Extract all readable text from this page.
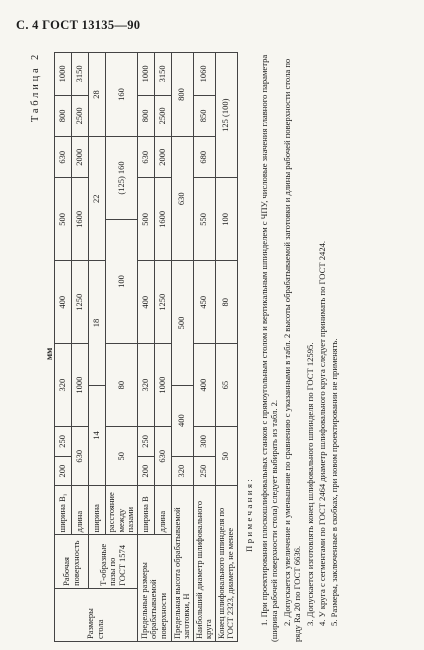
С. 4 ГОСТ 13135—90
Таблица 2
мм
Размеры стола	Рабочая поверхность	ширина B₁	200	250	320		400	500		630	800	1000
		длина	630		1000		1250	1600		2000	2500	3150
	Т-образные пазы по ГОСТ 1574	ширина	14			18		22			28	
		расстояние между пазами	50		80		100		(125) 160		160	
Предельные размеры обрабатываемой поверхности		ширина B	200	250	320		400	500		630	800	1000
		длина	630		1000		1250	1600		2000	2500	3150
Предельная высота обрабатываемой заготовки, H			320	400		500		630			800	
Наибольший диаметр шлифовального круга			250	300	400		450	550		680	850	1060
Конец шлифовального шпинделя по ГОСТ 2323, диаметр, не менее			50		65		80	100		125 (100)		
Примечания: 1. При проектировании плоскошлифовальных станков с прямоугольным столом и вертикальным шпинделем с ЧПУ, числовые значения главного параметра (ширина рабочей поверхности стола) следует выбирать из табл. 2. 2. Допускается увеличение и уменьшение по сравнению с указанными в табл. 2 высоты обрабатываемой заготовки и длины рабочей поверхности стола по ряду Ra 20 по ГОСТ 6636. 3. Допускается изготовлять конец шлифовального шпинделя по ГОСТ 12595. 4. У круга с сегментами по ГОСТ 2464 диаметр шлифовального круга следует принимать по ГОСТ 2424. 5. Размеры, заключенные в скобках, при новом проектировании не применять.
